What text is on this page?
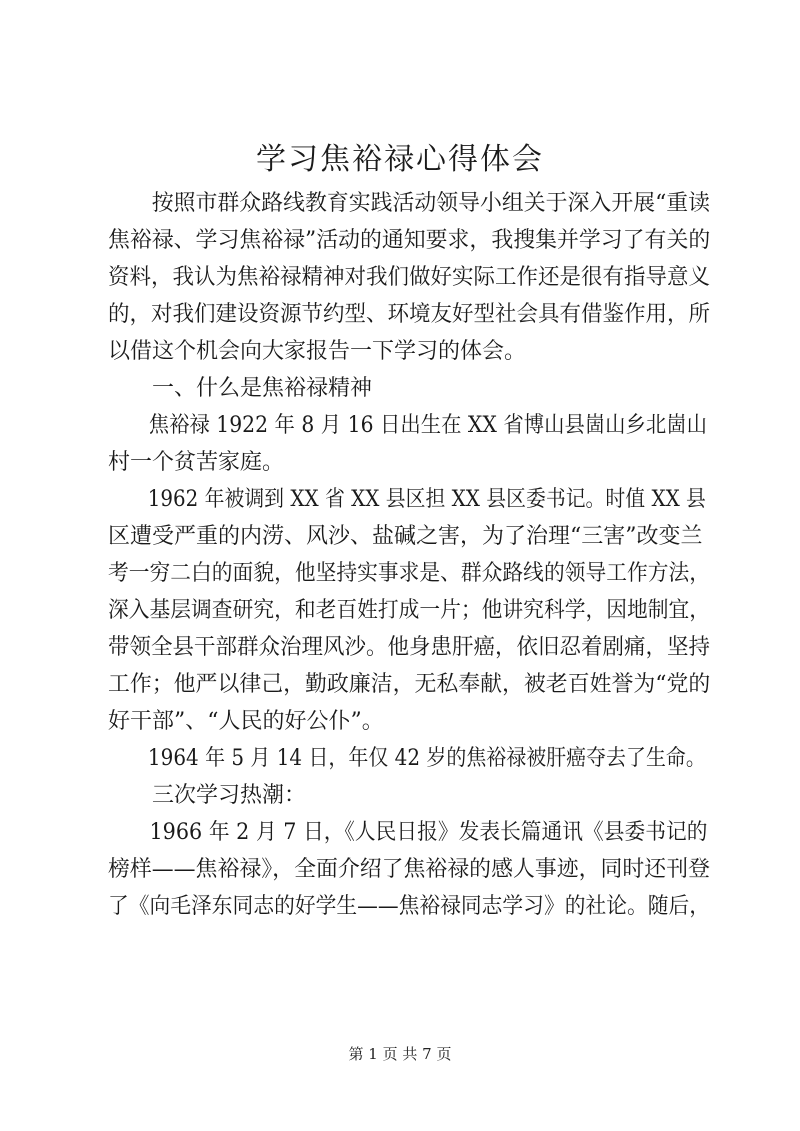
学习焦裕禄心得体会
按照市群众路线教育实践活动领导小组关于深入开展“重读
焦裕禄、学习焦裕禄”活动的通知要求，我搜集并学习了有关的
资料，我认为焦裕禄精神对我们做好实际工作还是很有指导意义
的，对我们建设资源节约型、环境友好型社会具有借鉴作用，所
以借这个机会向大家报告一下学习的体会。
一、什么是焦裕禄精神
焦裕禄 1922 年 8 月 16 日出生在 XX 省博山县崮山乡北崮山
村一个贫苦家庭。
1962 年被调到 XX 省 XX 县区担 XX 县区委书记。时值 XX 县
区遭受严重的内涝、风沙、盐碱之害，为了治理“三害”改变兰
考一穷二白的面貌，他坚持实事求是、群众路线的领导工作方法，
深入基层调查研究，和老百姓打成一片；他讲究科学，因地制宜，
带领全县干部群众治理风沙。他身患肝癌，依旧忍着剧痛，坚持
工作；他严以律己，勤政廉洁，无私奉献，被老百姓誉为“党的
好干部”、“人民的好公仆”。
1964 年 5 月 14 日，年仅 42 岁的焦裕禄被肝癌夺去了生命。
三次学习热潮：
1966 年 2 月 7 日，《人民日报》发表长篇通讯《县委书记的
榜样——焦裕禄》，全面介绍了焦裕禄的感人事迹，同时还刊登
了《向毛泽东同志的好学生——焦裕禄同志学习》的社论。随后，
第 1 页 共 7 页
